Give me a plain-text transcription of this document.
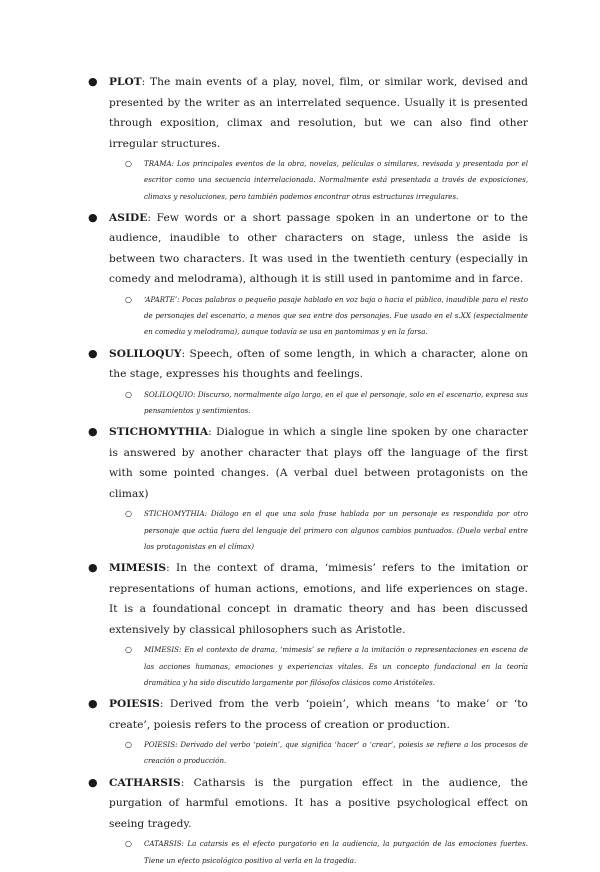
● PLOT: The main events of a play, novel, film, or similar work, devised and presented by the writer as an interrelated sequence. Usually it is presented through exposition, climax and resolution, but we can also find other irregular structures.

○ TRAMA: Los principales eventos de la obra, novelas, películas o similares, revisada y presentada por el escritor como una secuencia interrelacionada. Normalmente está presentada a través de exposiciones, climaxs y resoluciones, pero también podemos encontrar otras estructuras irregulares.

● ASIDE: Few words or a short passage spoken in an undertone or to the audience, inaudible to other characters on stage, unless the aside is between two characters. It was used in the twentieth century (especially in comedy and melodrama), although it is still used in pantomime and in farce.

○ ‘APARTE’: Pocas palabras o pequeño pasaje hablado en voz baja o hacia el público, inaudible para el resto de personajes del escenario, a menos que sea entre dos personajes. Fue usado en el s.XX (especialmente en comedia y melodrama), aunque todavía se usa en pantomimas y en la farsa.

● SOLILOQUY: Speech, often of some length, in which a character, alone on the stage, expresses his thoughts and feelings.

○ SOLILOQUIO: Discurso, normalmente algo largo, en el que el personaje, solo en el escenario, expresa sus pensamientos y sentimientos.

● STICHOMYTHIA: Dialogue in which a single line spoken by one character is answered by another character that plays off the language of the first with some pointed changes. (A verbal duel between protagonists on the climax)

○ STICHOMYTHIA: Diálogo en el que una sola frase hablada por un personaje es respondida por otro personaje que actúa fuera del lenguaje del primero con algunos cambios puntuados. (Duelo verbal entre los protagonistas en el clímax)

● MIMESIS: In the context of drama, ‘mimesis’ refers to the imitation or representations of human actions, emotions, and life experiences on stage. It is a foundational concept in dramatic theory and has been discussed extensively by classical philosophers such as Aristotle.

○ MIMESIS: En el contexto de drama, ‘mimesis’ se refiere a la imitación o representaciones en escena de las acciones humanas, emociones y experiencias vitales. Es un concepto fundacional en la teoría dramática y ha sido discutido largamente por filósofos clásicos como Aristóteles.

● POIESIS: Derived from the verb ‘poiein’, which means ‘to make’ or ‘to create’, poiesis refers to the process of creation or production.

○ POIESIS: Derivado del verbo ‘poiein’, que significa ‘hacer’ o ‘crear’, poiesis se refiere a los procesos de creación o producción.

● CATHARSIS: Catharsis is the purgation effect in the audience, the purgation of harmful emotions. It has a positive psychological effect on seeing tragedy.

○ CATARSIS: La catarsis es el efecto purgatorio en la audiencia, la purgación de las emociones fuertes. Tiene un efecto psicológico positivo al verla en la tragedia.
